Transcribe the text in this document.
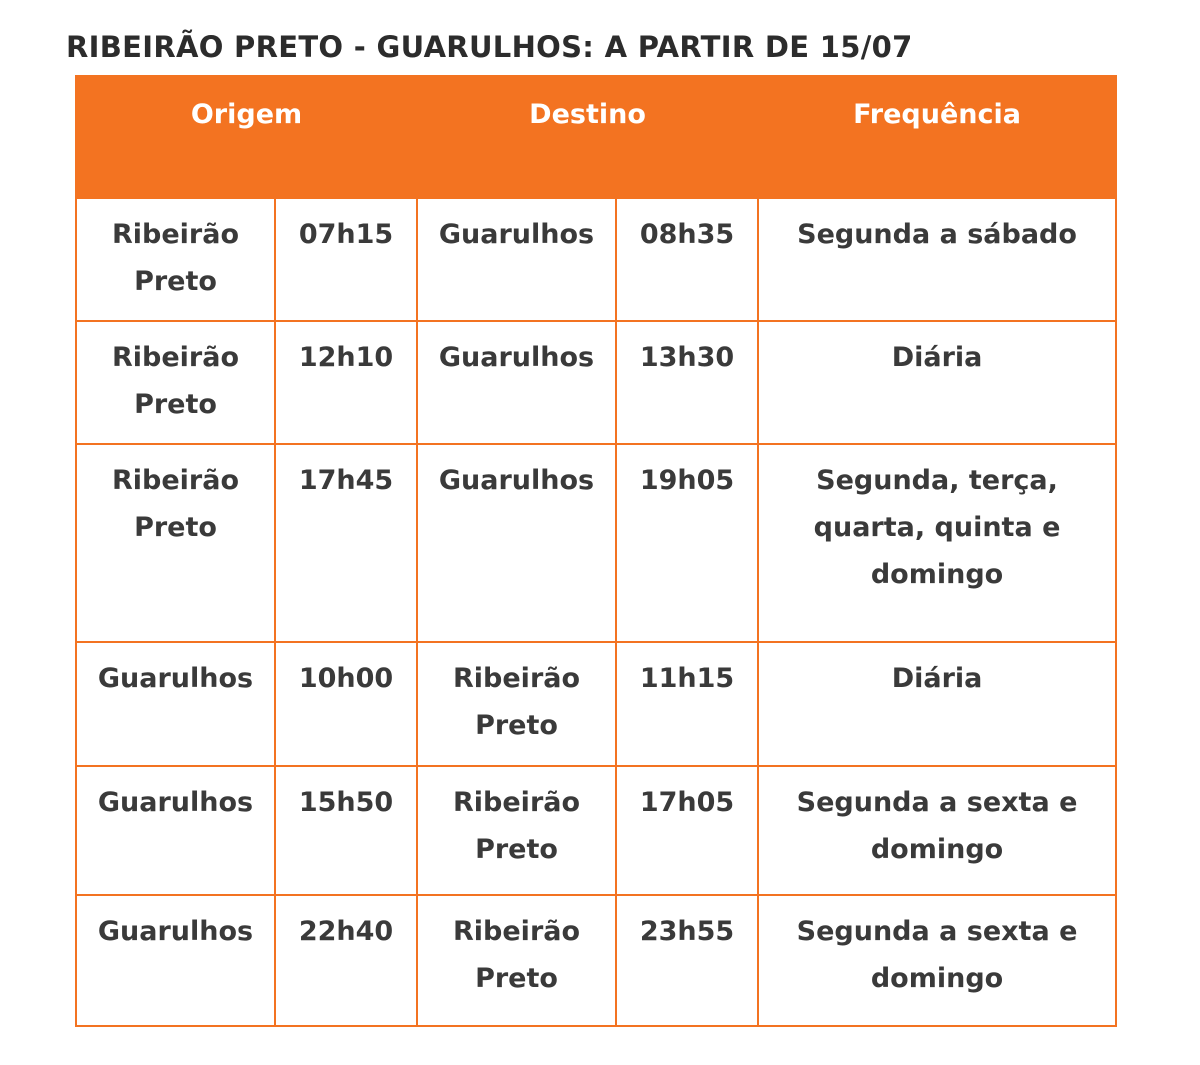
RIBEIRÃO PRETO - GUARULHOS: A PARTIR DE 15/07
Origem		Destino		Frequência
Ribeirão Preto	07h15	Guarulhos	08h35	Segunda a sábado
Ribeirão Preto	12h10	Guarulhos	13h30	Diária
Ribeirão Preto	17h45	Guarulhos	19h05	Segunda, terça, quarta, quinta e domingo
Guarulhos	10h00	Ribeirão Preto	11h15	Diária
Guarulhos	15h50	Ribeirão Preto	17h05	Segunda a sexta e domingo
Guarulhos	22h40	Ribeirão Preto	23h55	Segunda a sexta e domingo
